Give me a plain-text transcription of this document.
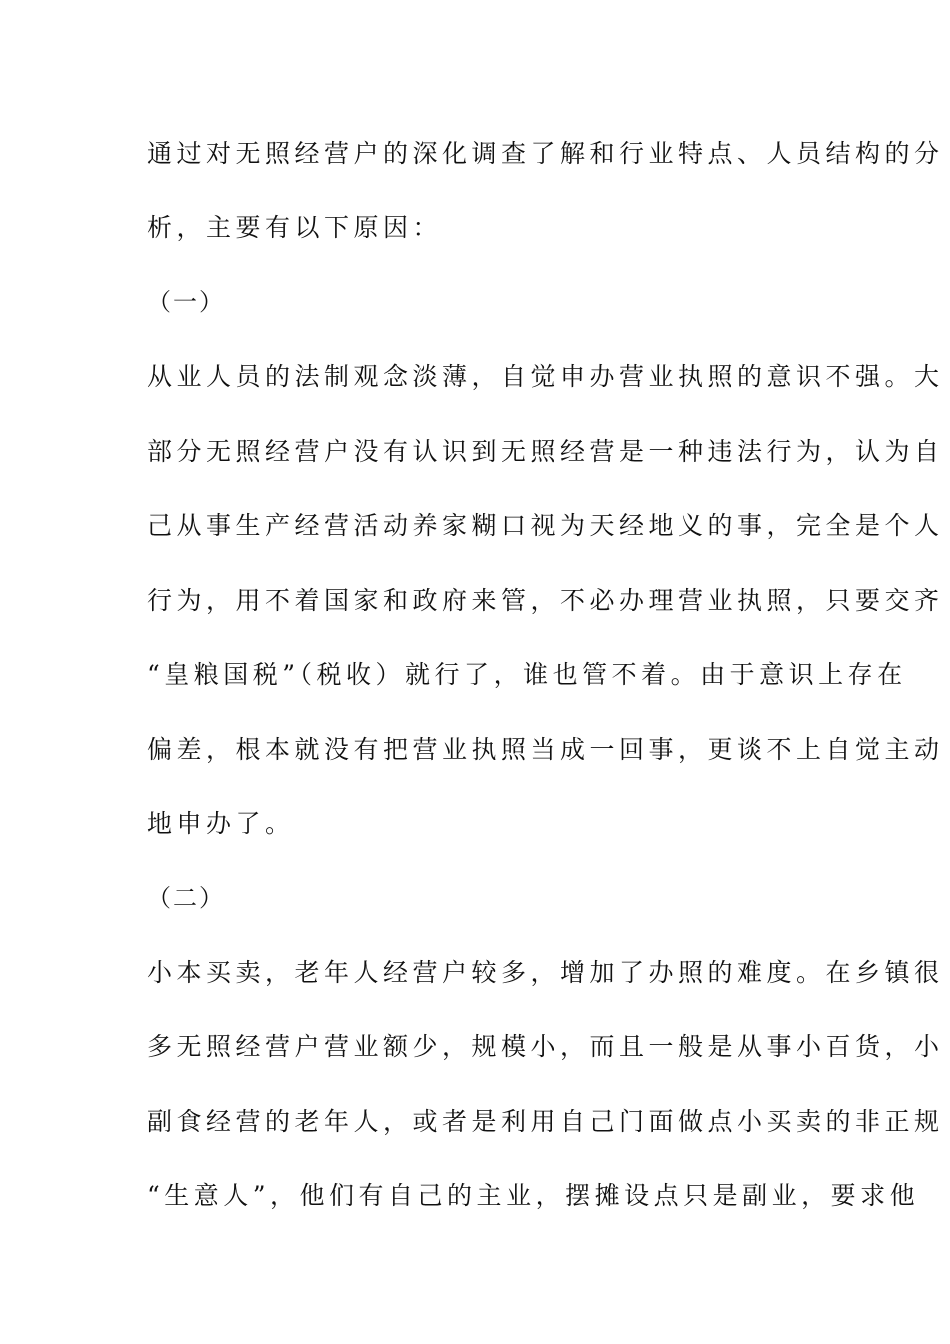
通过对无照经营户的深化调查了解和行业特点、人员结构的分
析，主要有以下原因：
（一）
从业人员的法制观念淡薄，自觉申办营业执照的意识不强。大
部分无照经营户没有认识到无照经营是一种违法行为，认为自
己从事生产经营活动养家糊口视为天经地义的事，完全是个人
行为，用不着国家和政府来管，不必办理营业执照，只要交齐
“皇粮国税”（税收）就行了，谁也管不着。由于意识上存在
偏差，根本就没有把营业执照当成一回事，更谈不上自觉主动
地申办了。
（二）
小本买卖，老年人经营户较多，增加了办照的难度。在乡镇很
多无照经营户营业额少，规模小，而且一般是从事小百货，小
副食经营的老年人，或者是利用自己门面做点小买卖的非正规
“生意人”，他们有自己的主业，摆摊设点只是副业，要求他
